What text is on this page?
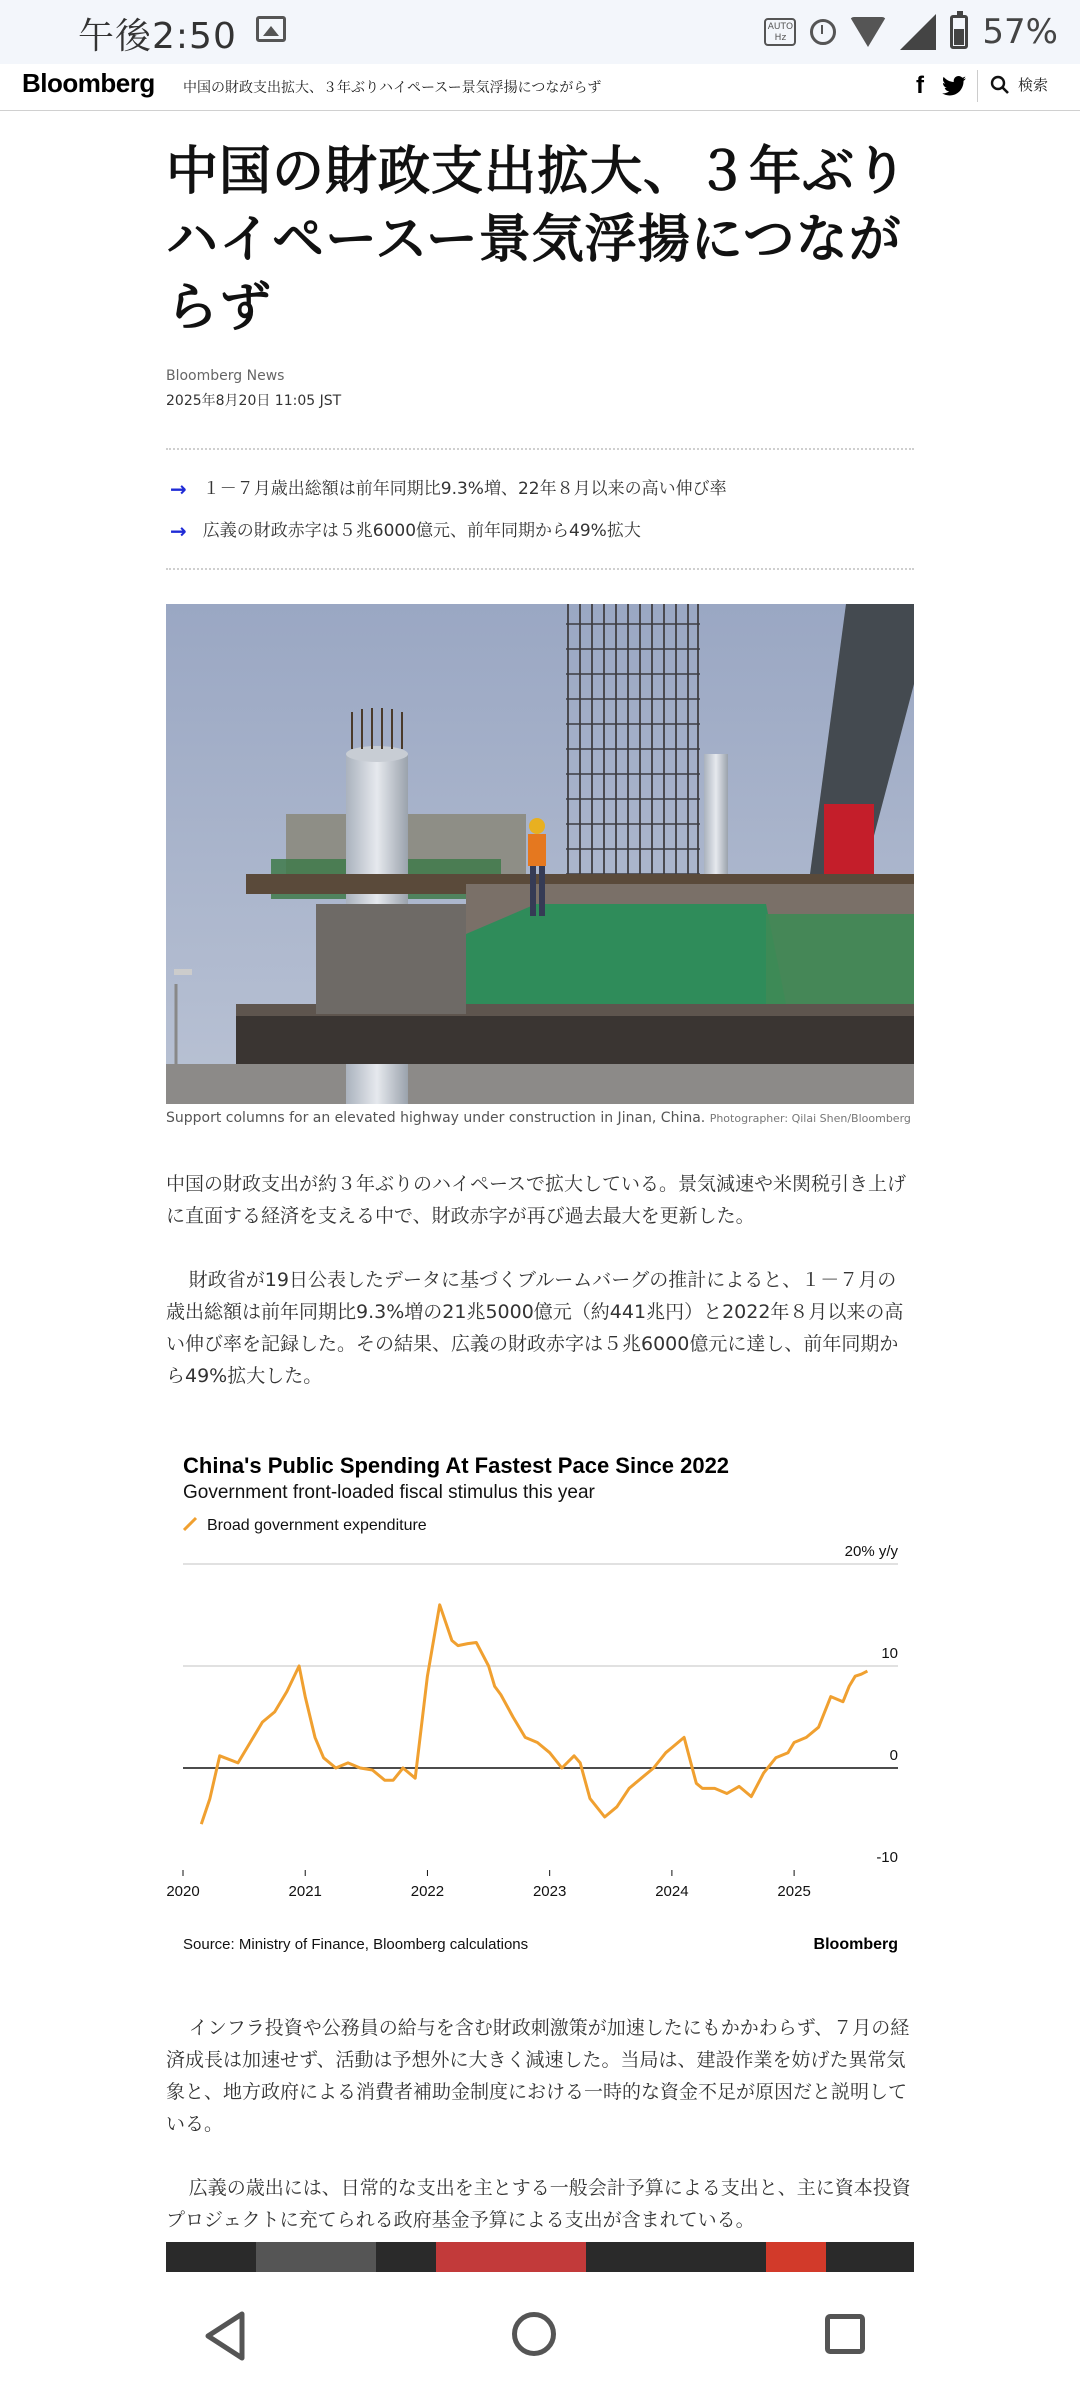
午後2:50	AUTO
Hz	57%
Bloomberg 中国の財政支出拡大、３年ぶりハイペースー景気浮揚につながらず	f	検索
中国の財政支出拡大、３年ぶりハイペースー景気浮揚につながらず
Bloomberg News
2025年8月20日 11:05 JST
→ １－７月歳出総額は前年同期比9.3%増、22年８月以来の高い伸び率
→ 広義の財政赤字は５兆6000億元、前年同期から49%拡大
Support columns for an elevated highway under construction in Jinan, China. Photographer: Qilai Shen/Bloomberg

中国の財政支出が約３年ぶりのハイペースで拡大している。景気減速や米関税引き上げに直面する経済を支える中で、財政赤字が再び過去最大を更新した。

財政省が19日公表したデータに基づくブルームバーグの推計によると、１－７月の歳出総額は前年同期比9.3%増の21兆5000億元（約441兆円）と2022年８月以来の高い伸び率を記録した。その結果、広義の財政赤字は５兆6000億元に達し、前年同期から49%拡大した。

China's Public Spending At Fastest Pace Since 2022
Government front-loaded fiscal stimulus this year
Broad government expenditure
20% y/y
10
0
-10
2020	2021	2022	2023	2024	2025
Source: Ministry of Finance, Bloomberg calculations	Bloomberg

インフラ投資や公務員の給与を含む財政刺激策が加速したにもかかわらず、７月の経済成長は加速せず、活動は予想外に大きく減速した。当局は、建設作業を妨げた異常気象と、地方政府による消費者補助金制度における一時的な資金不足が原因だと説明している。

広義の歳出には、日常的な支出を主とする一般会計予算による支出と、主に資本投資プロジェクトに充てられる政府基金予算による支出が含まれている。
